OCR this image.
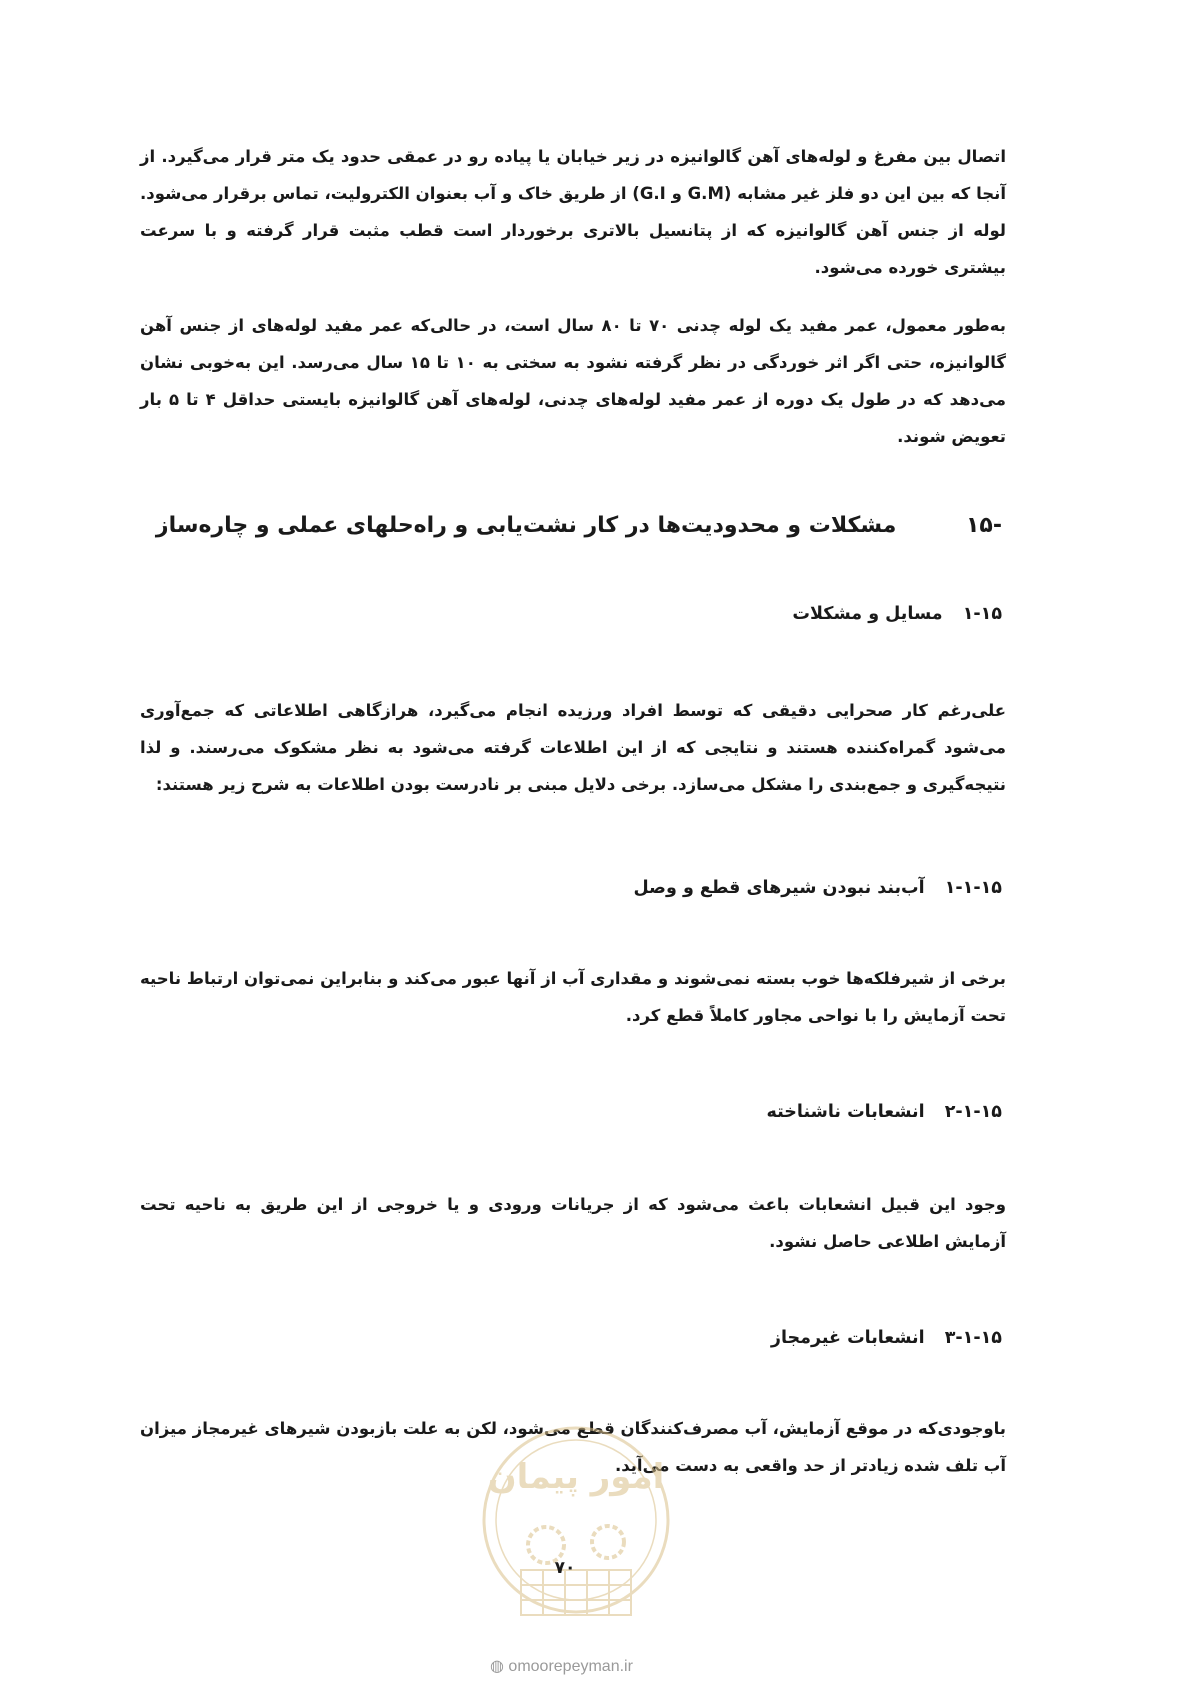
اتصال بین مفرغ و لوله‌های آهن گالوانیزه در زیر خیابان یا پیاده رو در عمقی حدود یک متر قرار می‌گیرد. از آنجا که بین این دو فلز غیر مشابه (G.M و G.I) از طریق خاک و آب بعنوان الکترولیت، تماس برقرار می‌شود. لوله از جنس آهن گالوانیزه که از پتانسیل بالاتری برخوردار است قطب مثبت قرار گرفته و با سرعت بیشتری خورده می‌شود.

به‌طور معمول، عمر مفید یک لوله چدنی ۷۰ تا ۸۰ سال است، در حالی‌که عمر مفید لوله‌های از جنس آهن گالوانیزه، حتی اگر اثر خوردگی در نظر گرفته نشود به سختی به ۱۰ تا ۱۵ سال می‌رسد. این به‌خوبی نشان می‌دهد که در طول یک دوره از عمر مفید لوله‌های چدنی، لوله‌های آهن گالوانیزه بایستی حداقل ۴ تا ۵ بار تعویض شوند.

-۱۵ مشکلات و محدودیت‌ها در کار نشت‌یابی و راه‌حلهای عملی و چاره‌ساز
۱-۱۵ مسایل و مشکلات

علی‌رغم کار صحرایی دقیقی که توسط افراد ورزیده انجام می‌گیرد، هرازگاهی اطلاعاتی که جمع‌آوری می‌شود گمراه‌کننده هستند و نتایجی که از این اطلاعات گرفته می‌شود به نظر مشکوک می‌رسند. و لذا نتیجه‌گیری و جمع‌بندی را مشکل می‌سازد. برخی دلایل مبنی بر نادرست بودن اطلاعات به شرح زیر هستند:

۱-۱-۱۵ آب‌بند نبودن شیرهای قطع و وصل

برخی از شیرفلکه‌ها خوب بسته نمی‌شوند و مقداری آب از آنها عبور می‌کند و بنابراین نمی‌توان ارتباط ناحیه تحت آزمایش را با نواحی مجاور کاملاً قطع کرد.

۲-۱-۱۵ انشعابات ناشناخته

وجود این قبیل انشعابات باعث می‌شود که از جریانات ورودی و یا خروجی از این طریق به ناحیه تحت آزمایش اطلاعی حاصل نشود.

۳-۱-۱۵ انشعابات غیرمجاز

باوجودی‌که در موقع آزمایش، آب مصرف‌کنندگان قطع می‌شود، لکن به علت بازبودن شیرهای غیرمجاز میزان آب تلف شده زیادتر از حد واقعی به دست می‌آید.

امور پیمان
۷۰
◍ omoorepeyman.ir
